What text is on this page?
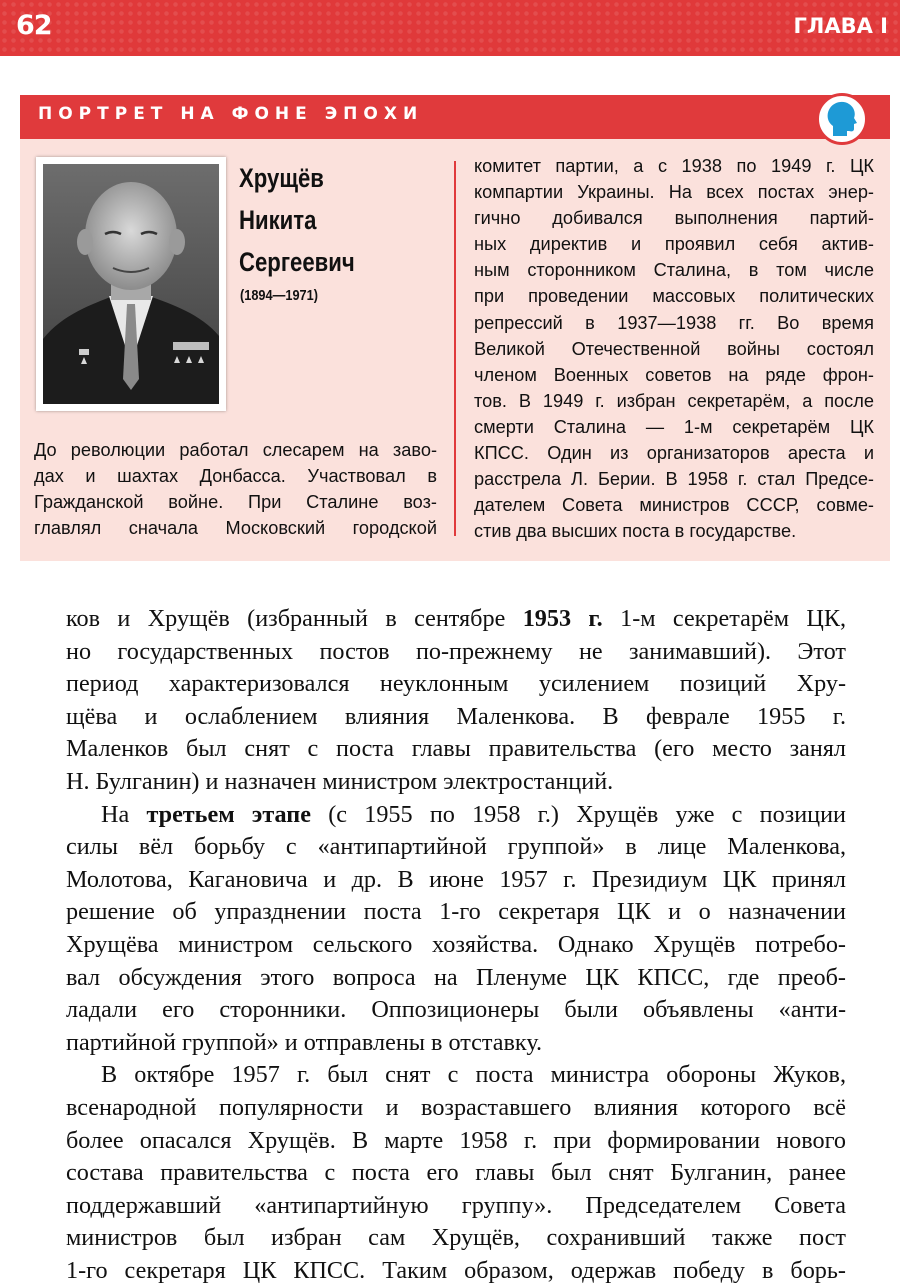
62	ГЛАВА I
ПОРТРЕТ НА ФОНЕ ЭПОХИ
Хрущёв
Никита
Сергеевич
(1894—1971)
До революции работал слесарем на заво-
дах и шахтах Донбасса. Участвовал в
Гражданской войне. При Сталине воз-
главлял сначала Московский городской
комитет партии, а с 1938 по 1949 г. ЦК
компартии Украины. На всех постах энер-
гично добивался выполнения партий-
ных директив и проявил себя актив-
ным сторонником Сталина, в том числе
при проведении массовых политических
репрессий в 1937—1938 гг. Во время
Великой Отечественной войны состоял
членом Военных советов на ряде фрон-
тов. В 1949 г. избран секретарём, а после
смерти Сталина — 1-м секретарём ЦК
КПСС. Один из организаторов ареста и
расстрела Л. Берии. В 1958 г. стал Предсе-
дателем Совета министров СССР, совме-
стив два высших поста в государстве.
ков и Хрущёв (избранный в сентябре 1953 г. 1-м секретарём ЦК,
но государственных постов по-прежнему не занимавший). Этот
период характеризовался неуклонным усилением позиций Хру-
щёва и ослаблением влияния Маленкова. В феврале 1955 г.
Маленков был снят с поста главы правительства (его место занял
Н. Булганин) и назначен министром электростанций.
На третьем этапе (с 1955 по 1958 г.) Хрущёв уже с позиции
силы вёл борьбу с «антипартийной группой» в лице Маленкова,
Молотова, Кагановича и др. В июне 1957 г. Президиум ЦК принял
решение об упразднении поста 1-го секретаря ЦК и о назначении
Хрущёва министром сельского хозяйства. Однако Хрущёв потребо-
вал обсуждения этого вопроса на Пленуме ЦК КПСС, где преоб-
ладали его сторонники. Оппозиционеры были объявлены «анти-
партийной группой» и отправлены в отставку.
В октябре 1957 г. был снят с поста министра обороны Жуков,
всенародной популярности и возраставшего влияния которого всё
более опасался Хрущёв. В марте 1958 г. при формировании нового
состава правительства с поста его главы был снят Булганин, ранее
поддержавший «антипартийную группу». Председателем Совета
министров был избран сам Хрущёв, сохранивший также пост
1-го секретаря ЦК КПСС. Таким образом, одержав победу в борь-
